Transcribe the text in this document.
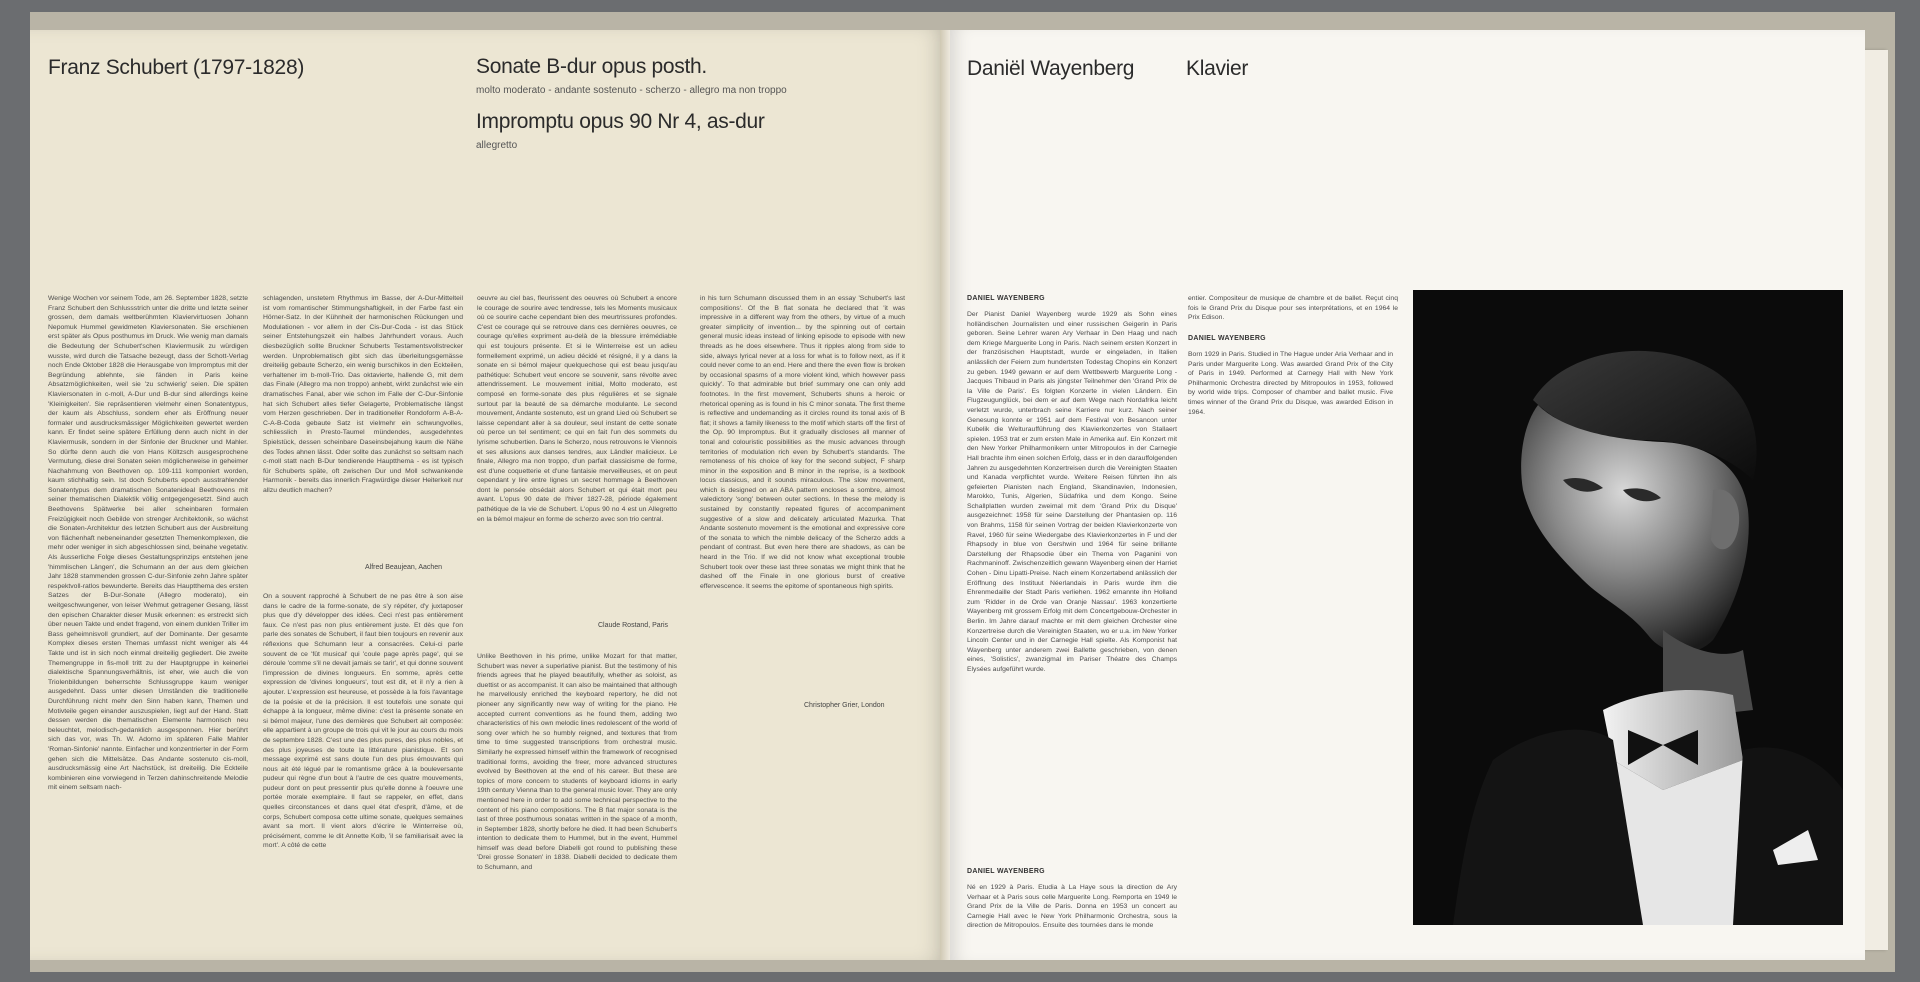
Franz Schubert (1797-1828)	Sonate B-dur opus posth.
molto moderato - andante sostenuto - scherzo - allegro ma non troppo
Impromptu opus 90 Nr 4, as-dur
allegretto
Wenige Wochen vor seinem Tode, am 26. September 1828, setzte Franz Schubert den Schlussstrich unter die dritte und letzte seiner grossen, dem damals weltberühmten Klaviervirtuosen Johann Nepomuk Hummel gewidmeten Klaviersonaten. Sie erschienen erst später als Opus posthumus im Druck. Wie wenig man damals die Bedeutung der Schubert'schen Klaviermusik zu würdigen wusste, wird durch die Tatsache bezeugt, dass der Schott-Verlag noch Ende Oktober 1828 die Herausgabe von Impromptus mit der Begründung ablehnte, sie fänden in Paris keine Absatzmöglichkeiten, weil sie 'zu schwierig' seien. Die späten Klaviersonaten in c-moll, A-Dur und B-dur sind allerdings keine 'Kleinigkeiten'. Sie repräsentieren vielmehr einen Sonatentypus, der kaum als Abschluss, sondern eher als Eröffnung neuer formaler und ausdrucksmässiger Möglichkeiten gewertet werden kann. Er findet seine spätere Erfüllung denn auch nicht in der Klaviermusik, sondern in der Sinfonie der Bruckner und Mahler. So dürfte denn auch die von Hans Költzsch ausgesprochene Vermutung, diese drei Sonaten seien möglicherweise in geheimer Nachahmung von Beethoven op. 109-111 komponiert worden, kaum stichhaltig sein. Ist doch Schuberts epoch ausstrahlender Sonatentypus dem dramatischen Sonatenideal Beethovens mit seiner thematischen Dialektik völlig entgegengesetzt. Sind auch Beethovens Spätwerke bei aller scheinbaren formalen Freizügigkeit noch Gebilde von strenger Architektonik, so wächst die Sonaten-Architektur des letzten Schubert aus der Ausbreitung von flächenhaft nebeneinander gesetzten Themenkomplexen, die mehr oder weniger in sich abgeschlossen sind, beinahe vegetativ. Als äusserliche Folge dieses Gestaltungsprinzips entstehen jene 'himmlischen Längen', die Schumann an der aus dem gleichen Jahr 1828 stammenden grossen C-dur-Sinfonie zehn Jahre später respektvoll-ratlos bewunderte. Bereits das Hauptthema des ersten Satzes der B-Dur-Sonate (Allegro moderato), ein weitgeschwungener, von leiser Wehmut getragener Gesang, lässt den epischen Charakter dieser Musik erkennen: es erstreckt sich über neuen Takte und endet fragend, von einem dunklen Triller im Bass geheimnisvoll grundiert, auf der Dominante. Der gesamte Komplex dieses ersten Themas umfasst nicht weniger als 44 Takte und ist in sich noch einmal dreiteilig gegliedert. Die zweite Themengruppe in fis-moll tritt zu der Hauptgruppe in keinerlei dialektische Spannungsverhältnis, ist eher, wie auch die von Triolenbildungen beherrschte Schlussgruppe kaum weniger ausgedehnt. Dass unter diesen Umständen die traditionelle Durchführung nicht mehr den Sinn haben kann, Themen und Motivteile gegen einander auszuspielen, liegt auf der Hand. Statt dessen werden die thematischen Elemente harmonisch neu beleuchtet, melodisch-gedanklich ausgesponnen. Hier berührt sich das vor, was Th. W. Adorno im späteren Falle Mahler 'Roman-Sinfonie' nannte. Einfacher und konzentrierter in der Form gehen sich die Mittelsätze. Das Andante sostenuto cis-moll, ausdrucksmässig eine Art Nachstück, ist dreiteilig. Die Eckteile kombinieren eine vorwiegend in Terzen dahinschreitende Melodie mit einem seltsam nach-
schlagenden, unstetem Rhythmus im Basse, der A-Dur-Mittelteil ist vom romantischer Stimmungshaftigkeit, in der Farbe fast ein Hörner-Satz. In der Kühnheit der harmonischen Rückungen und Modulationen - vor allem in der Cis-Dur-Coda - ist das Stück seiner Entstehungszeit ein halbes Jahrhundert voraus. Auch diesbezüglich sollte Bruckner Schuberts Testamentsvollstrecker werden. Unproblematisch gibt sich das überleitungsgemässe dreiteilig gebaute Scherzo, ein wenig burschikos in den Eckteilen, verhaltener im b-moll-Trio. Das oktavierte, hallende G, mit dem das Finale (Allegro ma non troppo) anhebt, wirkt zunächst wie ein dramatisches Fanal, aber wie schon im Falle der C-Dur-Sinfonie hat sich Schubert alles tiefer Gelagerte, Problematische längst vom Herzen geschrieben. Der in traditioneller Rondoform A-B-A-C-A-B-Coda gebaute Satz ist vielmehr ein schwungvolles, schliesslich in Presto-Taumel mündendes, ausgedehntes Spielstück, dessen scheinbare Daseinsbejahung kaum die Nähe des Todes ahnen lässt. Oder sollte das zunächst so seltsam nach c-moll statt nach B-Dur tendierende Hauptthema - es ist typisch für Schuberts späte, oft zwischen Dur und Moll schwankende Harmonik - bereits das innerlich Fragwürdige dieser Heiterkeit nur allzu deutlich machen?
Alfred Beaujean, Aachen
On a souvent rapproché à Schubert de ne pas être à son aise dans le cadre de la forme-sonate, de s'y répéter, d'y juxtaposer plus que d'y développer des idées. Ceci n'est pas entièrement faux. Ce n'est pas non plus entièrement juste. Et dès que l'on parle des sonates de Schubert, il faut bien toujours en revenir aux réflexions que Schumann leur a consacrées. Celui-ci parle souvent de ce 'fût musical' qui 'coule page après page', qui se déroule 'comme s'il ne devait jamais se tarir', et qui donne souvent l'impression de divines longueurs. En somme, après cette expression de 'divines longueurs', tout est dit, et il n'y a rien à ajouter. L'expression est heureuse, et possède à la fois l'avantage de la poésie et de la précision. Il est toutefois une sonate qui échappe à la longueur, même divine: c'est la présente sonate en si bémol majeur, l'une des dernières que Schubert ait composée: elle appartient à un groupe de trois qui vit le jour au cours du mois de septembre 1828. C'est une des plus pures, des plus nobles, et des plus joyeuses de toute la littérature pianistique. Et son message exprimé est sans doute l'un des plus émouvants qui nous ait été légué par le romantisme grâce à la bouleversante pudeur qui règne d'un bout à l'autre de ces quatre mouvements, pudeur dont on peut pressentir plus qu'elle donne à l'oeuvre une portée morale exemplaire. Il faut se rappeler, en effet, dans quelles circonstances et dans quel état d'esprit, d'âme, et de corps, Schubert composa cette ultime sonate, quelques semaines avant sa mort. Il vient alors d'écrire le Winterreise où, précisément, comme le dit Annette Kolb, 'il se familiarisait avec la mort'. A côté de cette
oeuvre au ciel bas, fleurissent des oeuvres où Schubert a encore le courage de sourire avec tendresse, tels les Moments musicaux où ce sourire cache cependant bien des meurtrissures profondes. C'est ce courage qui se retrouve dans ces dernières oeuvres, ce courage qu'elles expriment au-delà de la blessure irrémédiable qui est toujours présente. Et si le Winterreise est un adieu formellement exprimé, un adieu décidé et résigné, il y a dans la sonate en si bémol majeur quelquechose qui est beau jusqu'au pathétique: Schubert veut encore se souvenir, sans révolte avec attendrissement. Le mouvement initial, Molto moderato, est composé en forme-sonate des plus régulières et se signale surtout par la beauté de sa démarche modulante. Le second mouvement, Andante sostenuto, est un grand Lied où Schubert se laisse cependant aller à sa douleur, seul instant de cette sonate où perce un tel sentiment; ce qui en fait l'un des sommets du lyrisme schubertien. Dans le Scherzo, nous retrouvons le Viennois et ses allusions aux danses tendres, aux Ländler malicieux. Le finale, Allegro ma non troppo, d'un parfait classicisme de forme, est d'une coquetterie et d'une fantaisie merveilleuses, et on peut cependant y lire entre lignes un secret hommage à Beethoven dont le pensée obsédait alors Schubert et qui était mort peu avant. L'opus 90 date de l'hiver 1827-28, période également pathétique de la vie de Schubert. L'opus 90 no 4 est un Allegretto en la bémol majeur en forme de scherzo avec son trio central.
Claude Rostand, Paris
Unlike Beethoven in his prime, unlike Mozart for that matter, Schubert was never a superlative pianist. But the testimony of his friends agrees that he played beautifully, whether as soloist, as duettist or as accompanist. It can also be maintained that although he marvellously enriched the keyboard repertory, he did not pioneer any significantly new way of writing for the piano. He accepted current conventions as he found them, adding two characteristics of his own melodic lines redolescent of the world of song over which he so humbly reigned, and textures that from time to time suggested transcriptions from orchestral music. Similarly he expressed himself within the framework of recognised traditional forms, avoiding the freer, more advanced structures evolved by Beethoven at the end of his career. But these are topics of more concern to students of keyboard idioms in early 19th century Vienna than to the general music lover. They are only mentioned here in order to add some technical perspective to the content of his piano compositions. The B flat major sonata is the last of three posthumous sonatas written in the space of a month, in September 1828, shortly before he died. It had been Schubert's intention to dedicate them to Hummel, but in the event, Hummel himself was dead before Diabelli got round to publishing these 'Drei grosse Sonaten' in 1838. Diabelli decided to dedicate them to Schumann, and
in his turn Schumann discussed them in an essay 'Schubert's last compositions'. Of the B flat sonata he declared that 'it was impressive in a different way from the others, by virtue of a much greater simplicity of invention... by the spinning out of certain general music ideas instead of linking episode to episode with new threads as he does elsewhere. Thus it ripples along from side to side, always lyrical never at a loss for what is to follow next, as if it could never come to an end. Here and there the even flow is broken by occasional spasms of a more violent kind, which however pass quickly'. To that admirable but brief summary one can only add footnotes. In the first movement, Schuberts shuns a heroic or rhetorical opening as is found in his C minor sonata. The first theme is reflective and undemanding as it circles round its tonal axis of B flat; it shows a family likeness to the motif which starts off the first of the Op. 90 Impromptus. But it gradually discloses all manner of tonal and colouristic possibilities as the music advances through territories of modulation rich even by Schubert's standards. The remoteness of his choice of key for the second subject, F sharp minor in the exposition and B minor in the reprise, is a textbook locus classicus, and it sounds miraculous. The slow movement, which is designed on an ABA pattern encloses a sombre, almost valedictory 'song' between outer sections. In these the melody is sustained by constantly repeated figures of accompaniment suggestive of a slow and delicately articulated Mazurka. That Andante sostenuto movement is the emotional and expressive core of the sonata to which the nimble delicacy of the Scherzo adds a pendant of contrast. But even here there are shadows, as can be heard in the Trio. If we did not know what exceptional trouble Schubert took over these last three sonatas we might think that he dashed off the Finale in one glorious burst of creative effervescence. It seems the epitome of spontaneous high spirits.
Christopher Grier, London
Daniël Wayenberg Klavier
DANIEL WAYENBERG
Der Pianist Daniel Wayenberg wurde 1929 als Sohn eines holländischen Journalisten und einer russischen Geigerin in Paris geboren. Seine Lehrer waren Ary Verhaar in Den Haag und nach dem Kriege Marguerite Long in Paris. Nach seinem ersten Konzert in der französischen Hauptstadt, wurde er eingeladen, in Italien anlässlich der Feiern zum hundertsten Todestag Chopins ein Konzert zu geben. 1949 gewann er auf dem Wettbewerb Marguerite Long - Jacques Thibaud in Paris als jüngster Teilnehmer den 'Grand Prix de la Ville de Paris'. Es folgten Konzerte in vielen Ländern. Ein Flugzeugunglück, bei dem er auf dem Wege nach Nordafrika leicht verletzt wurde, unterbrach seine Karriere nur kurz. Nach seiner Genesung konnte er 1951 auf dem Festival von Besancon unter Kubelik die Welturaufführung des Klavierkonzertes von Stallaert spielen. 1953 trat er zum ersten Male in Amerika auf. Ein Konzert mit den New Yorker Philharmonikern unter Mitropoulos in der Carnegie Hall brachte ihm einen solchen Erfolg, dass er in den darauffolgenden Jahren zu ausgedehnten Konzertreisen durch die Vereinigten Staaten und Kanada verpflichtet wurde. Weitere Reisen führten ihn als gefeierten Pianisten nach England, Skandinavien, Indonesien, Marokko, Tunis, Algerien, Südafrika und dem Kongo. Seine Schallplatten wurden zweimal mit dem 'Grand Prix du Disque' ausgezeichnet: 1958 für seine Darstellung der Phantasien op. 116 von Brahms, 1158 für seinen Vortrag der beiden Klavierkonzerte von Ravel, 1960 für seine Wiedergabe des Klavierkonzertes in F und der Rhapsody in blue von Gershwin und 1964 für seine brillante Darstellung der Rhapsodie über ein Thema von Paganini von Rachmaninoff. Zwischenzeitlich gewann Wayenberg einen der Harriet Cohen - Dinu Lipatti-Preise. Nach einem Konzertabend anlässlich der Eröffnung des Instituut Néerlandais in Paris wurde ihm die Ehrenmedaille der Stadt Paris verliehen. 1962 ernannte ihn Holland zum 'Ridder in de Orde van Oranje Nassau'. 1963 konzertierte Wayenberg mit grossem Erfolg mit dem Concertgebouw-Orchester in Berlin. Im Jahre darauf machte er mit dem gleichen Orchester eine Konzertreise durch die Vereinigten Staaten, wo er u.a. im New Yorker Lincoln Center und in der Carnegie Hall spielte. Als Komponist hat Wayenberg unter anderem zwei Ballette geschrieben, von denen eines, 'Solistics', zwanzigmal im Pariser Théatre des Champs Elysées aufgeführt wurde.
DANIEL WAYENBERG
Né en 1929 à Paris. Etudia à La Haye sous la direction de Ary Verhaar et à Paris sous celle Marguerite Long. Remporta en 1949 le Grand Prix de la Ville de Paris. Donna en 1953 un concert au Carnegie Hall avec le New York Philharmonic Orchestra, sous la direction de Mitropoulos. Ensuite des tournées dans le monde
entier. Compositeur de musique de chambre et de ballet. Reçut cinq fois le Grand Prix du Disque pour ses interprétations, et en 1964 le Prix Edison.
DANIEL WAYENBERG
Born 1929 in Paris. Studied in The Hague under Aria Verhaar and in Paris under Marguerite Long. Was awarded Grand Prix of the City of Paris in 1949. Performed at Carnegy Hall with New York Philharmonic Orchestra directed by Mitropoulos in 1953, followed by world wide trips. Composer of chamber and ballet music. Five times winner of the Grand Prix du Disque, was awarded Edison in 1964.
